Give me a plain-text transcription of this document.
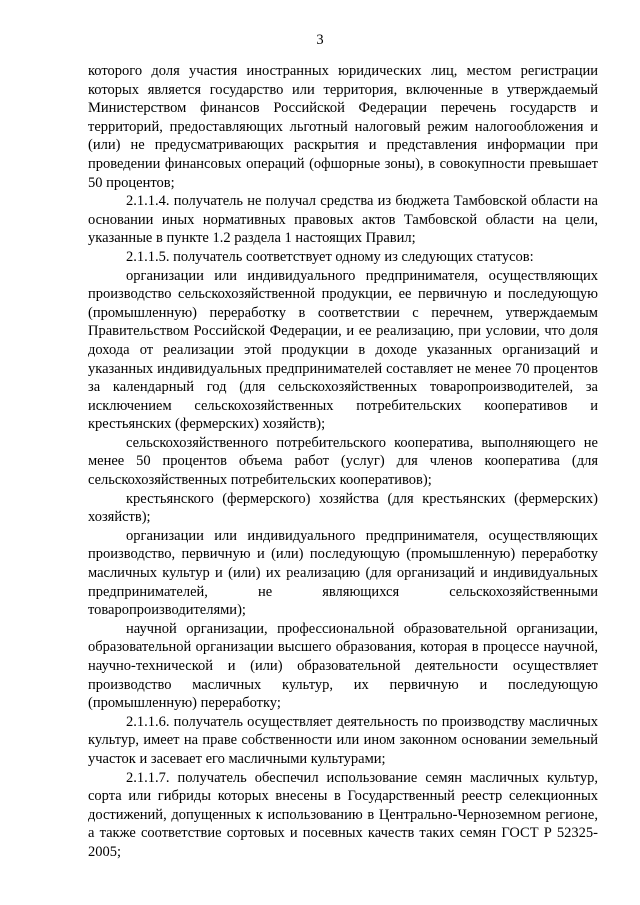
3

которого доля участия иностранных юридических лиц, местом регистрации которых является государство или территория, включенные в утверждаемый Министерством финансов Российской Федерации перечень государств и территорий, предоставляющих льготный налоговый режим налогообложения и (или) не предусматривающих раскрытия и представления информации при проведении финансовых операций (офшорные зоны), в совокупности превышает 50 процентов;

2.1.1.4. получатель не получал средства из бюджета Тамбовской области на основании иных нормативных правовых актов Тамбовской области на цели, указанные в пункте 1.2 раздела 1 настоящих Правил;

2.1.1.5. получатель соответствует одному из следующих статусов:

организации или индивидуального предпринимателя, осуществляющих производство сельскохозяйственной продукции, ее первичную и последующую (промышленную) переработку в соответствии с перечнем, утверждаемым Правительством Российской Федерации, и ее реализацию, при условии, что доля дохода от реализации этой продукции в доходе указанных организаций и указанных индивидуальных предпринимателей составляет не менее 70 процентов за календарный год (для сельскохозяйственных товаропроизводителей, за исключением сельскохозяйственных потребительских кооперативов и крестьянских (фермерских) хозяйств);

сельскохозяйственного потребительского кооператива, выполняющего не менее 50 процентов объема работ (услуг) для членов кооператива (для сельскохозяйственных потребительских кооперативов);

крестьянского (фермерского) хозяйства (для крестьянских (фермерских) хозяйств);

организации или индивидуального предпринимателя, осуществляющих производство, первичную и (или) последующую (промышленную) переработку масличных культур и (или) их реализацию (для организаций и индивидуальных предпринимателей, не являющихся сельскохозяйственными товаропроизводителями);

научной организации, профессиональной образовательной организации, образовательной организации высшего образования, которая в процессе научной, научно-технической и (или) образовательной деятельности осуществляет производство масличных культур, их первичную и последующую (промышленную) переработку;

2.1.1.6. получатель осуществляет деятельность по производству масличных культур, имеет на праве собственности или ином законном основании земельный участок и засевает его масличными культурами;

2.1.1.7. получатель обеспечил использование семян масличных культур, сорта или гибриды которых внесены в Государственный реестр селекционных достижений, допущенных к использованию в Центрально-Черноземном регионе, а также соответствие сортовых и посевных качеств таких семян ГОСТ Р 52325-2005;
